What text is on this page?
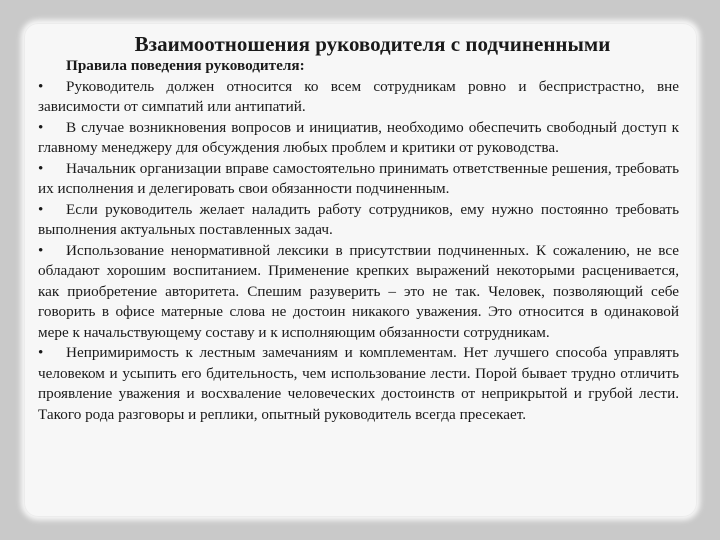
Взаимоотношения руководителя с подчиненными

Правила поведения руководителя:

• Руководитель должен относится ко всем сотрудникам ровно и беспристрастно, вне зависимости от симпатий или антипатий.

• В случае возникновения вопросов и инициатив, необходимо обеспечить свободный доступ к главному менеджеру для обсуждения любых проблем и критики от руководства.

• Начальник организации вправе самостоятельно принимать ответственные решения, требовать их исполнения и делегировать свои обязанности подчиненным.

• Если руководитель желает наладить работу сотрудников, ему нужно постоянно требовать выполнения актуальных поставленных задач.

• Использование ненормативной лексики в присутствии подчиненных. К сожалению, не все обладают хорошим воспитанием. Применение крепких выражений некоторыми расценивается, как приобретение авторитета. Спешим разуверить – это не так. Человек, позволяющий себе говорить в офисе матерные слова не достоин никакого уважения. Это относится в одинаковой мере к начальствующему составу и к исполняющим обязанности сотрудникам.

• Непримиримость к лестным замечаниям и комплементам. Нет лучшего способа управлять человеком и усыпить его бдительность, чем использование лести. Порой бывает трудно отличить проявление уважения и восхваление человеческих достоинств от неприкрытой и грубой лести. Такого рода разговоры и реплики, опытный руководитель всегда пресекает.
